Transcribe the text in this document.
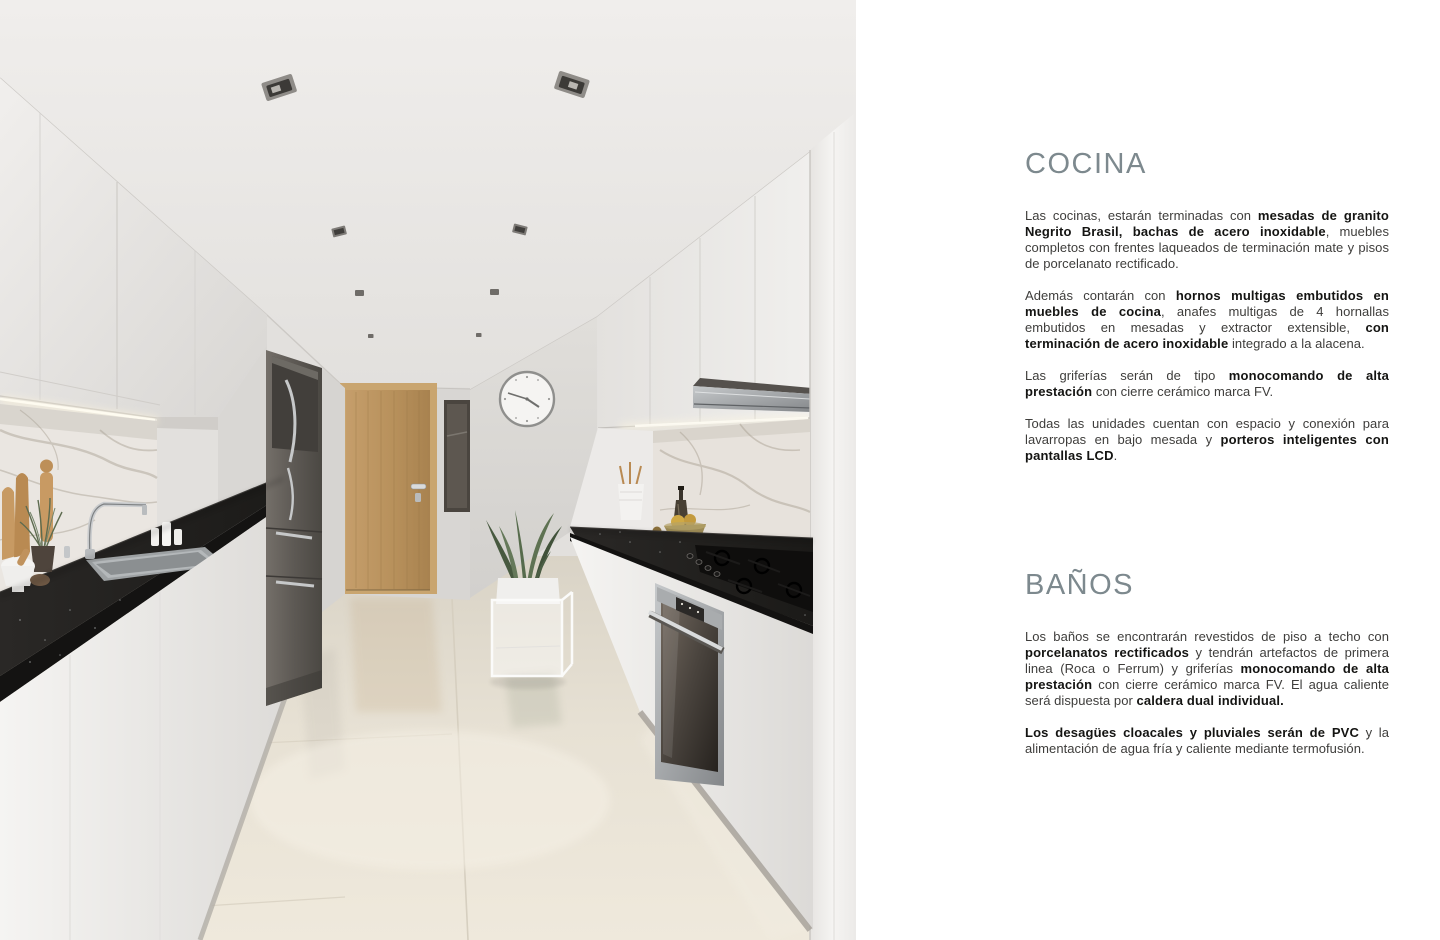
COCINA

Las cocinas, estarán terminadas con mesadas de granito Negrito Brasil, bachas de acero inoxidable, muebles completos con frentes laqueados de terminación mate y pisos de porcelanato rectificado.

Además contarán con hornos multigas embutidos en muebles de cocina, anafes multigas de 4 hornallas embutidos en mesadas y extractor extensible, con terminación de acero inoxidable integrado a la alacena.

Las griferías serán de tipo monocomando de alta prestación con cierre cerámico marca FV.

Todas las unidades cuentan con espacio y conexión para lavarropas en bajo mesada y porteros inteligentes con pantallas LCD.

BAÑOS

Los baños se encontrarán revestidos de piso a techo con porcelanatos rectificados y tendrán artefactos de primera linea (Roca o Ferrum) y griferías monocomando de alta prestación con cierre cerámico marca FV. El agua caliente será dispuesta por caldera dual individual.

Los desagües cloacales y pluviales serán de PVC y la alimentación de agua fría y caliente mediante termofusión.
